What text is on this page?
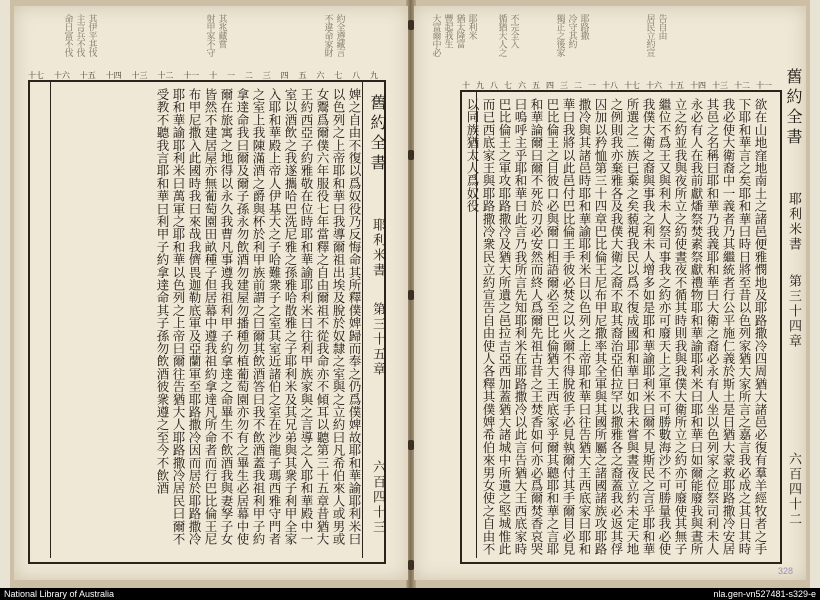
命日富不伐 主言兵不伐 其伊平其伐	射甲家不守 其兆藏嘗	不違命家財 約全遵藏言
十七 十六 十五 十四 十三 十二 十一 十 一 二 三 四 五 六 七 八 九
婢之自由不復以爲奴役乃反悔命其所釋僕婢歸而奉之仍爲僕婢故耶和華諭耶利米曰以色列之上帝耶和華曰我導爾祖出埃及脫於奴隸之室與之立約曰凡希伯來人或男或女鬻爲爾僕六年服役七年當釋之自由爾祖不從我命亦不傾耳以聽第三十五章昔猶大王約西亞子約雅敬在位時耶和華諭耶利米曰往利甲族家與之言導之入耶和華殿中一室以酒飲之我遂攜哈巴洗尼雅之孫雅哈散雅之子耶利米及其兄弟與其衆子利甲全家入耶和華殿上帝人伊基大之子哈難衆子之室其室近諸伯之室在沙龍子瑪西雅守門者之室上我陳滿酒之爵與杯於利甲族前謂之曰爾其飲酒答曰我不飲酒蓋我祖利甲子約拿達命我曰爾及爾子孫永勿飲酒勿建屋勿播種勿植葡萄園亦勿有之畢生必居幕中使爾在旅寓之地得以永久我曹凡事遵我祖利甲子約拿達之命畢生不飲酒我與妻孥子女皆然不建居屋亦無葡萄園田畝種子但居幕中遵我祖約拿達凡所命者而行巴比倫王尼布甲尼撒入此國時我曰來哉我儕畏迦勒底軍及亞蘭軍至耶路撒冷因而居於耶路撒冷耶和華諭耶利米曰萬軍之耶和華以色列之上帝曰爾往告猶大人耶路撒冷居民曰爾不受教不聽我言耶和華曰利甲子約拿達命其子孫勿飲酒彼衆遵之至今不飲酒	舊約全書
耶利米書
第三十五章
六百四十三
大富爾中必 豐起我生 猶太隆富 耶利米 循猶大人之 不完全入	獨正之後家 冷守其約 耶路撒	居民立約宣 告自由
十 九 八 七 六 五 四 三 二 一 十八 十七 十六 十五 十四 十三 十二 十一
欲在山地窪地南土之諸邑便雅憫地及耶路撒冷四周猶大諸邑必復有羣羊經牧者之手下耶和華言之矣耶和華曰時日將至昔以色列家猶大家所言之嘉言我必成之其日其時我必使大衛裔中一義者乃其繼統者行公平施仁義於斯土是日猶大蒙救耶路撒冷安居其邑之名稱曰耶和華乃我義耶和華曰大衛之裔必永有人坐以色列家之位祭司利未人永必有人在我前獻燔祭焚素祭獻禮物耶和華諭耶利米曰耶和華曰如爾能廢我與晝所立之約並我與夜所立之約使晝夜不循其時則我與我僕大衛所立之約亦可廢使其無子繼位不爲王又與利未人祭司事我之約亦可廢天上之軍不可勝數海沙不可勝量我必使我僕大衛之裔與事我之利未人增多如是耶和華諭耶利米曰爾不見斯民之言乎耶和華所選之二族已棄之矣藐視我民以爲不復成國耶和華曰如我未嘗與晝夜立約未定天地之例則我亦棄雅各及我僕大衛之裔不取其裔治亞伯拉罕以撒雅各之裔蓋我必返其俘囚加以矜恤第三十四章巴比倫王尼布甲尼撒率其全軍與其國所屬之諸國諸族攻耶路撒冷與其諸邑時耶和華諭耶利米曰以色列之上帝耶和華曰往告猶大王西底家曰耶和華曰我將以此邑付巴比倫王手彼必焚之以火爾不得脫彼手必見執爾付其手爾目必見巴比倫王之目彼口必與爾口相語爾必至巴比倫猶大王西底家乎爾其聽耶和華之言耶和華論爾曰爾不死於刃必安然而終人爲爾先祖古昔之王焚香如何亦必爲爾焚香哀哭曰嗚呼主乎耶和華曰此言乃我所言先知耶利米在耶路撒冷以此言告猶大王西底家時巴比倫王之軍攻耶路撒冷及猶大所遺之邑拉吉亞西加蓋猶大諸城中所遺之堅城惟此而已西底家王與耶路撒冷衆民立約宣告自由使人各釋其僕婢希伯來男女使之自由不以同族猶太人爲奴役	舊約全書
耶利米書
第三十四章
六百四十二
328
National Library of Australia	nla.gen-vn527481-s329-e
